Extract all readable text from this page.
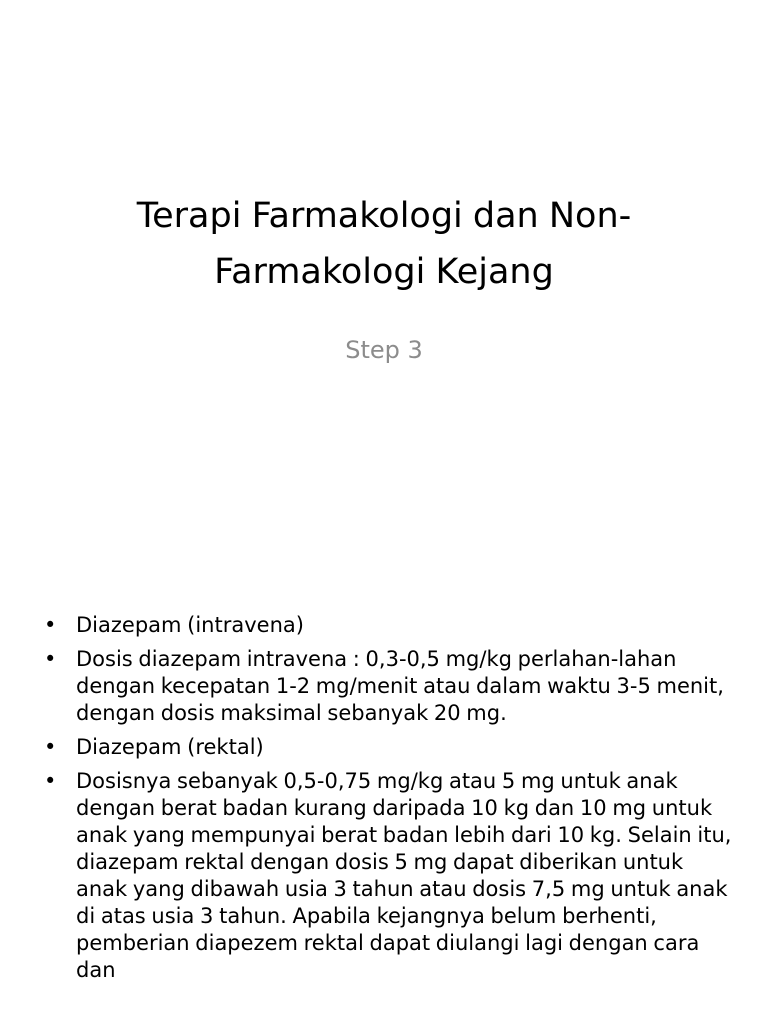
Terapi Farmakologi dan Non-Farmakologi Kejang

Step 3

• Diazepam (intravena)
• Dosis diazepam intravena : 0,3-0,5 mg/kg perlahan-lahan dengan kecepatan 1-2 mg/menit atau dalam waktu 3-5 menit, dengan dosis maksimal sebanyak 20 mg.
• Diazepam (rektal)
• Dosisnya sebanyak 0,5-0,75 mg/kg atau 5 mg untuk anak dengan berat badan kurang daripada 10 kg dan 10 mg untuk anak yang mempunyai berat badan lebih dari 10 kg. Selain itu, diazepam rektal dengan dosis 5 mg dapat diberikan untuk anak yang dibawah usia 3 tahun atau dosis 7,5 mg untuk anak di atas usia 3 tahun. Apabila kejangnya belum berhenti, pemberian diapezem rektal dapat diulangi lagi dengan cara dan
